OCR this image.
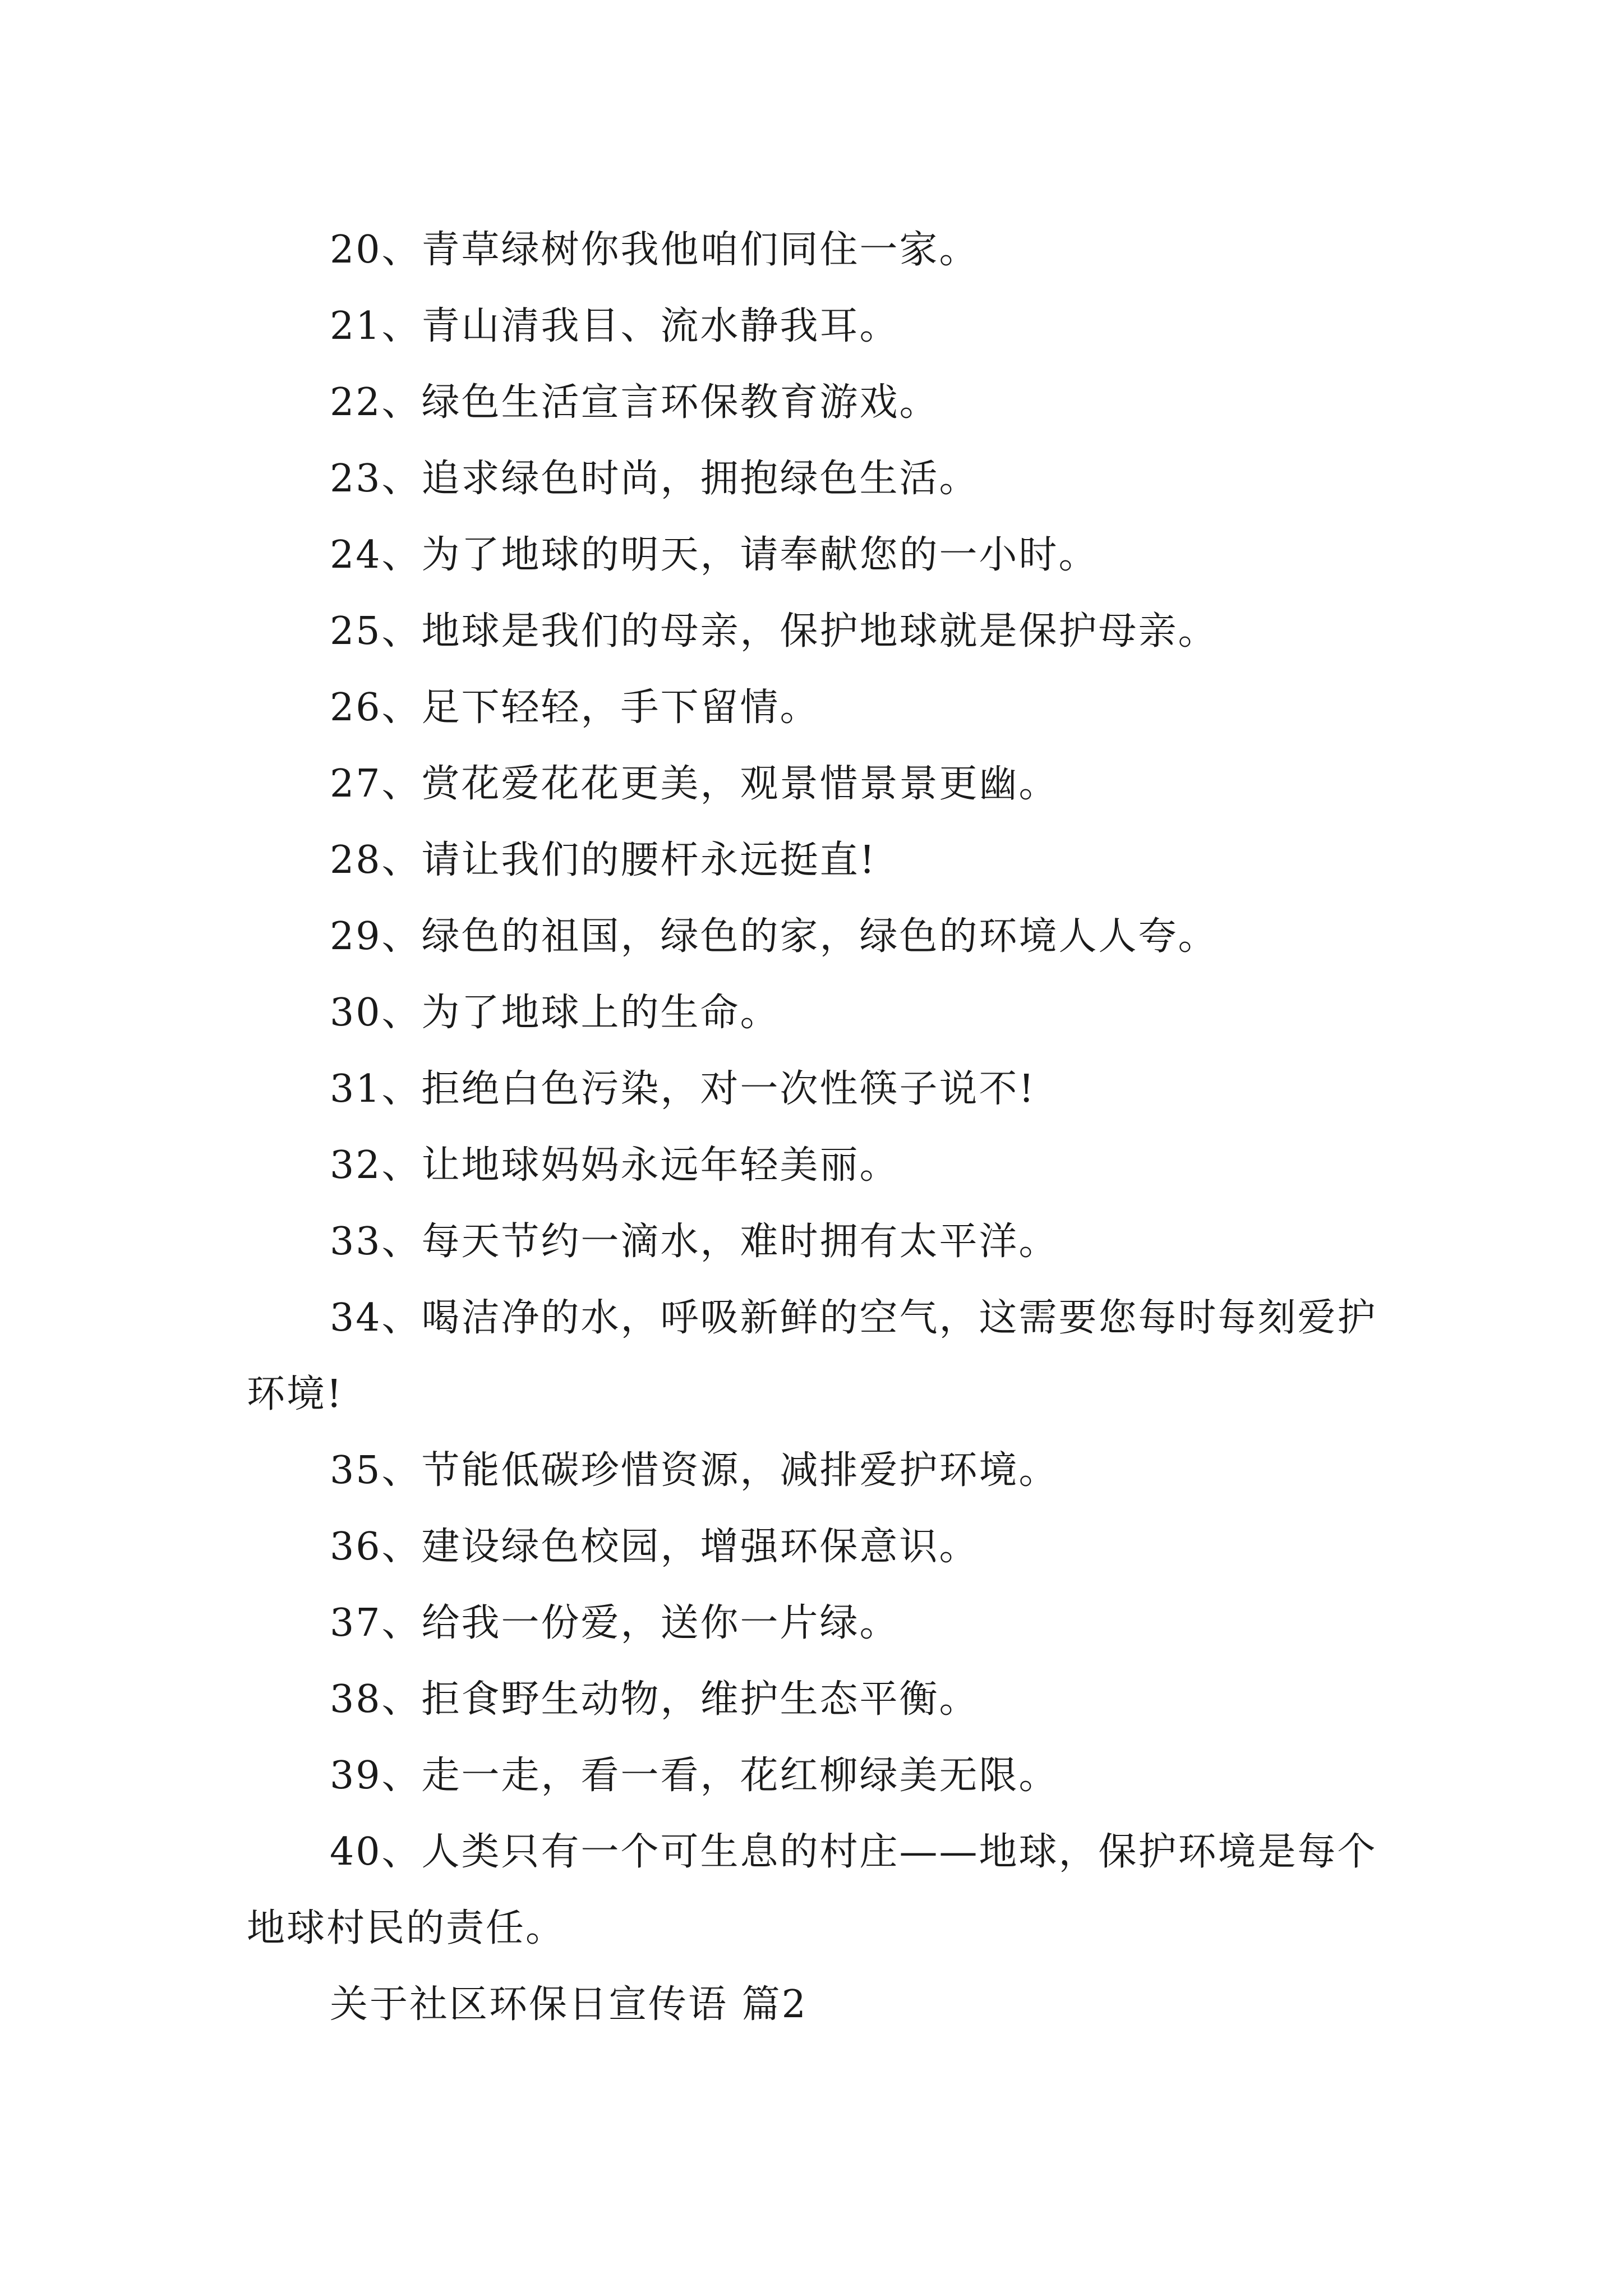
20、青草绿树你我他咱们同住一家。

21、青山清我目、流水静我耳。

22、绿色生活宣言环保教育游戏。

23、追求绿色时尚，拥抱绿色生活。

24、为了地球的明天，请奉献您的一小时。

25、地球是我们的母亲，保护地球就是保护母亲。

26、足下轻轻，手下留情。

27、赏花爱花花更美，观景惜景景更幽。

28、请让我们的腰杆永远挺直!

29、绿色的祖国，绿色的家，绿色的环境人人夸。

30、为了地球上的生命。

31、拒绝白色污染，对一次性筷子说不!

32、让地球妈妈永远年轻美丽。

33、每天节约一滴水，难时拥有太平洋。

34、喝洁净的水，呼吸新鲜的空气，这需要您每时每刻爱护环境!

35、节能低碳珍惜资源，减排爱护环境。

36、建设绿色校园，增强环保意识。

37、给我一份爱，送你一片绿。

38、拒食野生动物，维护生态平衡。

39、走一走，看一看，花红柳绿美无限。

40、人类只有一个可生息的村庄——地球，保护环境是每个地球村民的责任。

关于社区环保日宣传语 篇2
